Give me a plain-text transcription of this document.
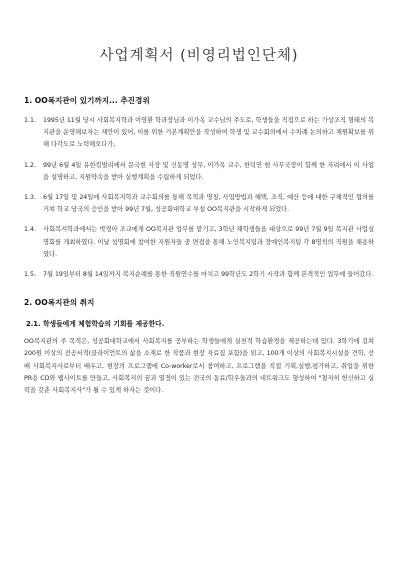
사업계획서 (비영리법인단체)
1. OO복지관이 있기까지... 추진경위
1.1.	1995년 11월 당시 사회복지학과 이영환 학과장님과 이가옥 교수님의 주도로, 학생들을 직접으로 하는 가상조직 형태의 복지관을 운영해보자는 제안이 있어, 이를 위한 기본계획안을 작성하여 학생 및 교수회의에서 수차례 논의하고 재원확보를 위해 다각도로 노력해오다가,
1.2.	99년 6월 4일 유한킴벌리에서 문국현 사장 및 신동명 상무, 이가옥 교수, 한덕연 현 사무국장이 함께 한 자리에서 이 사업을 설명하고, 지원약속을 받아 실행계획을 수립하게 되었다.
1.3.	6월 17일 및 24일에 사회복지학과 교수회의를 통해 목적과 명칭, 사업방법과 혜택, 조직, 예산 등에 대한 구체적인 협의를 거쳐 학교 당국의 승인을 받아 99년 7월, 성공회대학교 부설 OO복지관을 시작하게 되었다.
1.4.	사회복지학과에서는 박경아 조교에게 OO복지관 업무를 맡기고, 3학년 재학생들을 대상으로 99년 7월 9일 복지관 사업설명회를 개최하였다. 이날 설명회에 참여한 지원자들 중 면접을 통해 노인복지팀과 장애인복지팀 각 8명씩의 직원을 채용하였다.
1.5.	7월 19일부터 8월 14일까지 복지순례를 통한 직원연수를 마치고 99학년도 2학기 시작과 함께 본격적인 업무에 들어갔다.
2. OO복지관의 취지
2.1. 학생들에게 체험학습의 기회를 제공한다.

OO복지관의 주 목적은, 성공회대학교에서 사회복지를 공부하는 학생들에게 실천적 학습환경을 제공하는데 있다. 3학기에 걸쳐 200원 이상의 전공서적(클라이언트의 삶을 소재로 한 작품과 현장 자료집 포함)을 읽고, 100개 이상의 사회복지시설을 견학, 선배 사회복지사로부터 배우고, 현장의 프로그램에 Co-worker로서 참여하고, 프로그램을 직접 기획,실행,평가하고, 취업을 위한 PR용 CD와 웹사이트를 만들고, 사회복지의 꿈과 열정이 있는 전국의 동료/학우들과의 네트워크도 형성하여 "철저히 헌신하고 실력을 갖춘 사회복지사"가 될 수 있게 하자는 것이다.
